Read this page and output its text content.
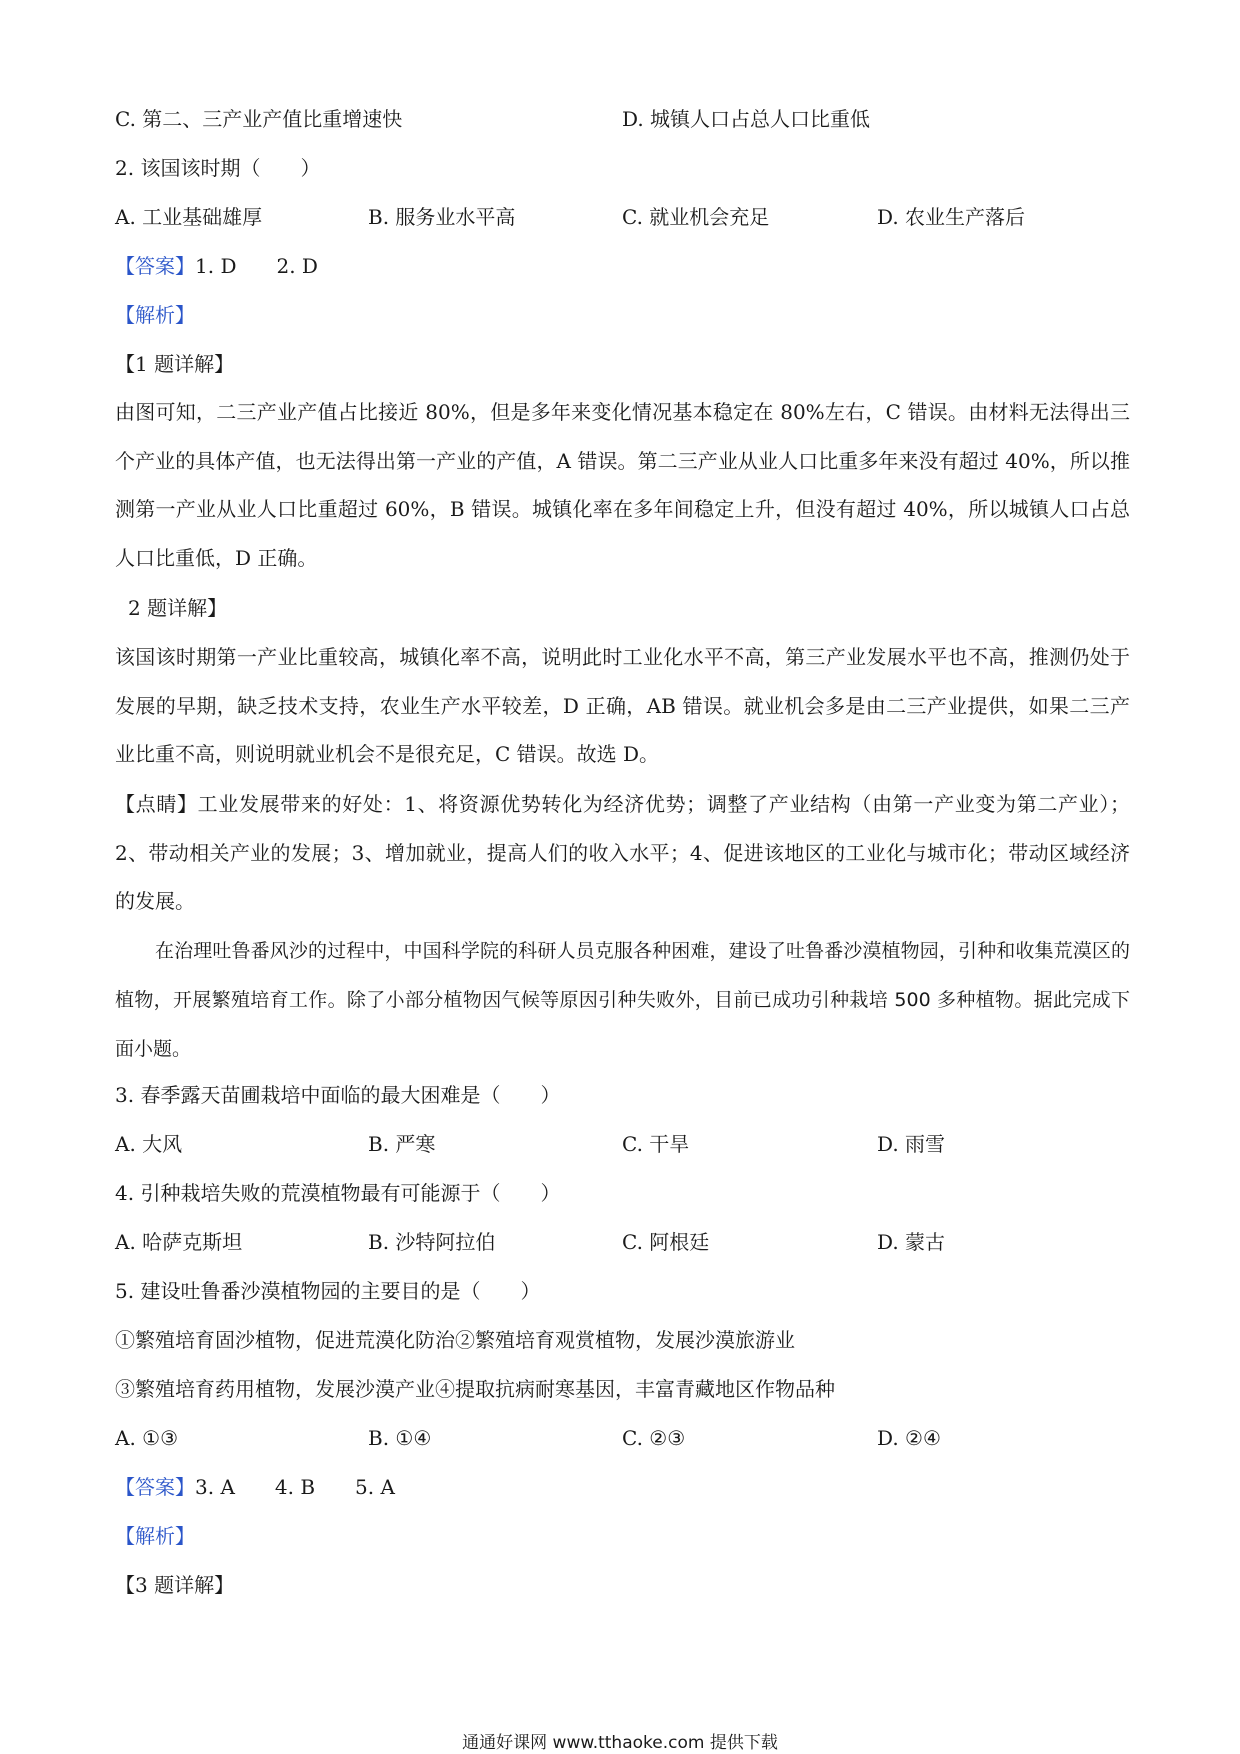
C. 第二、三产业产值比重增速快	D. 城镇人口占总人口比重低
2. 该国该时期（　　）
A. 工业基础雄厚	B. 服务业水平高	C. 就业机会充足	D. 农业生产落后
【答案】1. D　　2. D
【解析】
【1 题详解】
由图可知，二三产业产值占比接近 80%，但是多年来变化情况基本稳定在 80%左右，C 错误。由材料无法得出三个产业的具体产值，也无法得出第一产业的产值，A 错误。第二三产业从业人口比重多年来没有超过 40%，所以推测第一产业从业人口比重超过 60%，B 错误。城镇化率在多年间稳定上升，但没有超过 40%，所以城镇人口占总人口比重低，D 正确。
2 题详解】
该国该时期第一产业比重较高，城镇化率不高，说明此时工业化水平不高，第三产业发展水平也不高，推测仍处于发展的早期，缺乏技术支持，农业生产水平较差，D 正确，AB 错误。就业机会多是由二三产业提供，如果二三产业比重不高，则说明就业机会不是很充足，C 错误。故选 D。
【点睛】工业发展带来的好处：1、将资源优势转化为经济优势；调整了产业结构（由第一产业变为第二产业）；2、带动相关产业的发展；3、增加就业，提高人们的收入水平；4、促进该地区的工业化与城市化；带动区域经济的发展。
在治理吐鲁番风沙的过程中，中国科学院的科研人员克服各种困难，建设了吐鲁番沙漠植物园，引种和收集荒漠区的植物，开展繁殖培育工作。除了小部分植物因气候等原因引种失败外，目前已成功引种栽培 500 多种植物。据此完成下面小题。
3. 春季露天苗圃栽培中面临的最大困难是（　　）
A. 大风	B. 严寒	C. 干旱	D. 雨雪
4. 引种栽培失败的荒漠植物最有可能源于（　　）
A. 哈萨克斯坦	B. 沙特阿拉伯	C. 阿根廷	D. 蒙古
5. 建设吐鲁番沙漠植物园的主要目的是（　　）
①繁殖培育固沙植物，促进荒漠化防治②繁殖培育观赏植物，发展沙漠旅游业
③繁殖培育药用植物，发展沙漠产业④提取抗病耐寒基因，丰富青藏地区作物品种
A. ①③	B. ①④	C. ②③	D. ②④
【答案】3. A　　4. B　　5. A
【解析】
【3 题详解】
通通好课网 www.tthaoke.com 提供下载
